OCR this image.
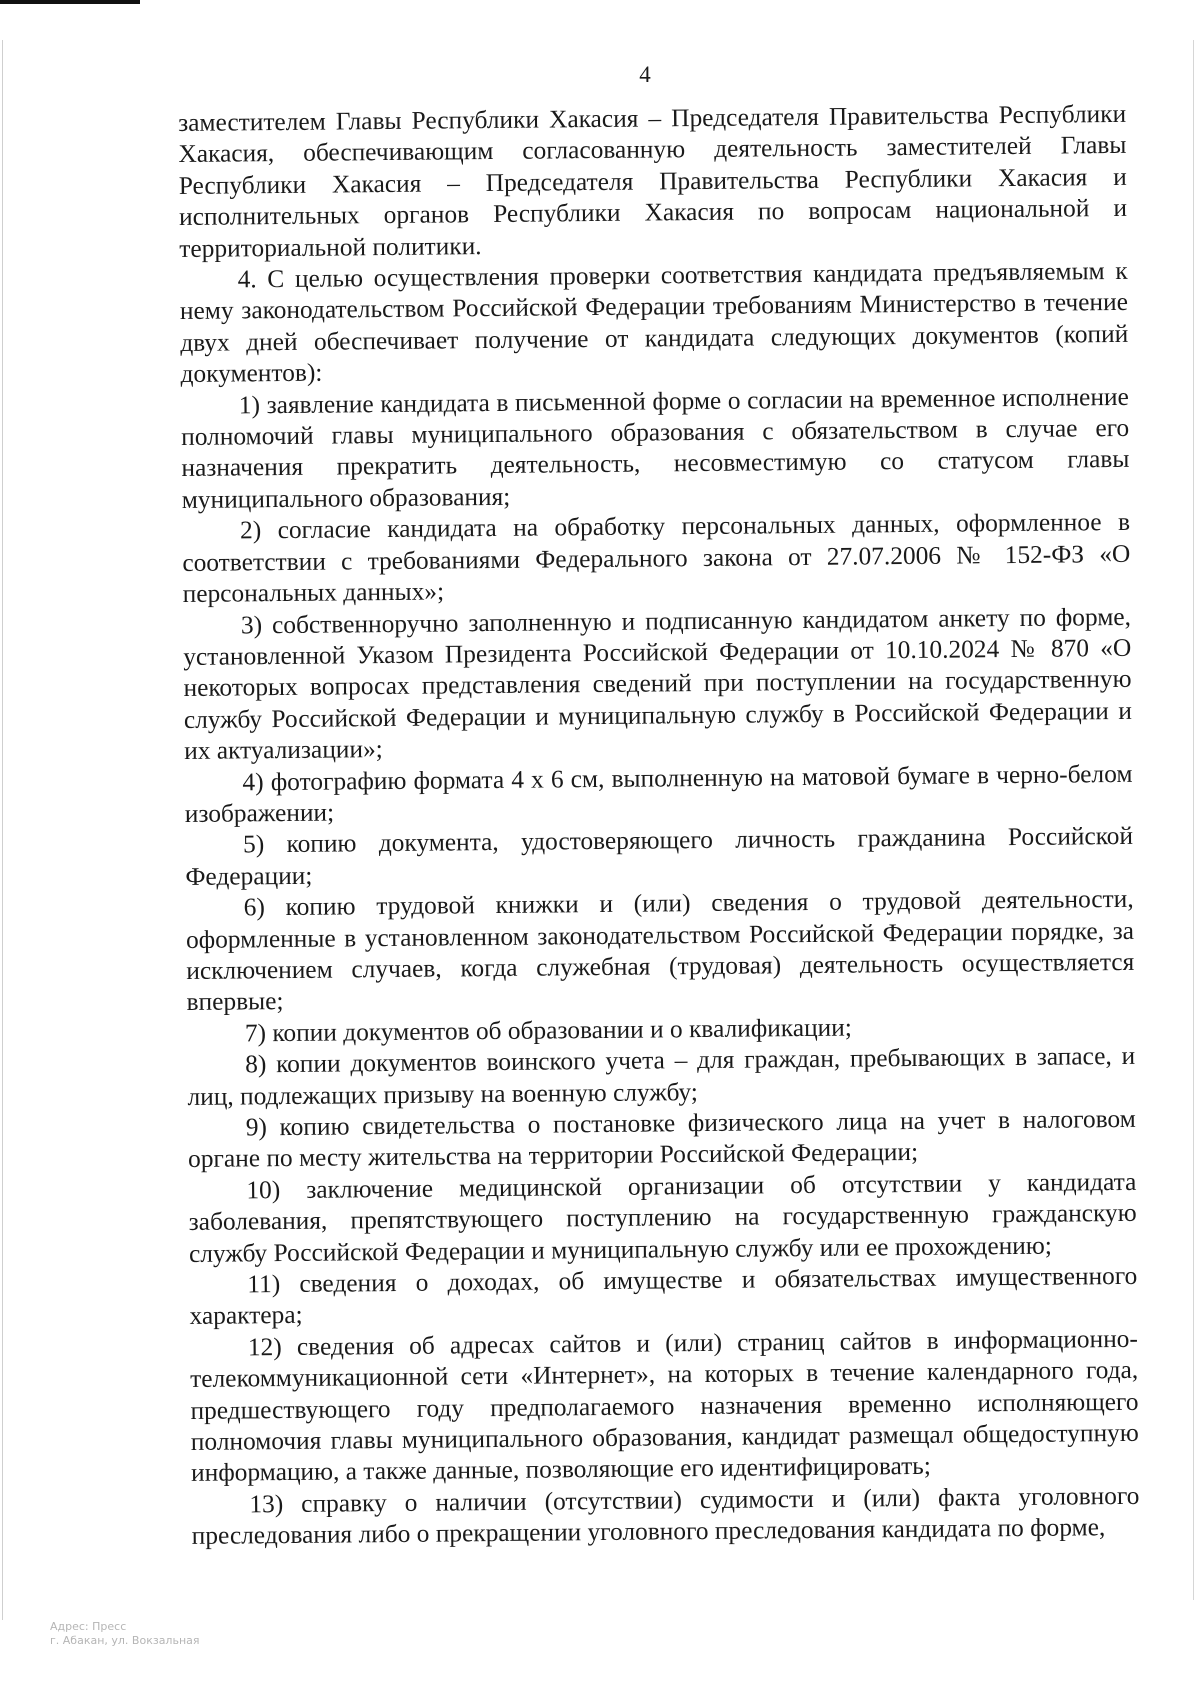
4

заместителем Главы Республики Хакасия – Председателя Правительства Республики Хакасия, обеспечивающим согласованную деятельность заместителей Главы Республики Хакасия – Председателя Правительства Республики Хакасия и исполнительных органов Республики Хакасия по вопросам национальной и территориальной политики.

4. С целью осуществления проверки соответствия кандидата предъявляемым к нему законодательством Российской Федерации требованиям Министерство в течение двух дней обеспечивает получение от кандидата следующих документов (копий документов):

1) заявление кандидата в письменной форме о согласии на временное исполнение полномочий главы муниципального образования с обязательством в случае его назначения прекратить деятельность, несовместимую со статусом главы муниципального образования;

2) согласие кандидата на обработку персональных данных, оформленное в соответствии с требованиями Федерального закона от 27.07.2006 № 152-ФЗ «О персональных данных»;

3) собственноручно заполненную и подписанную кандидатом анкету по форме, установленной Указом Президента Российской Федерации от 10.10.2024 № 870 «О некоторых вопросах представления сведений при поступлении на государственную службу Российской Федерации и муниципальную службу в Российской Федерации и их актуализации»;

4) фотографию формата 4 х 6 см, выполненную на матовой бумаге в черно-белом изображении;

5) копию документа, удостоверяющего личность гражданина Российской Федерации;

6) копию трудовой книжки и (или) сведения о трудовой деятельности, оформленные в установленном законодательством Российской Федерации порядке, за исключением случаев, когда служебная (трудовая) деятельность осуществляется впервые;

7) копии документов об образовании и о квалификации;

8) копии документов воинского учета – для граждан, пребывающих в запасе, и лиц, подлежащих призыву на военную службу;

9) копию свидетельства о постановке физического лица на учет в налоговом органе по месту жительства на территории Российской Федерации;

10) заключение медицинской организации об отсутствии у кандидата заболевания, препятствующего поступлению на государственную гражданскую службу Российской Федерации и муниципальную службу или ее прохождению;

11) сведения о доходах, об имуществе и обязательствах имущественного характера;

12) сведения об адресах сайтов и (или) страниц сайтов в информационно-телекоммуникационной сети «Интернет», на которых в течение календарного года, предшествующего году предполагаемого назначения временно исполняющего полномочия главы муниципального образования, кандидат размещал общедоступную информацию, а также данные, позволяющие его идентифицировать;

13) справку о наличии (отсутствии) судимости и (или) факта уголовного преследования либо о прекращении уголовного преследования кандидата по форме,

Адрес: Пресс
г. Абакан, ул. Вокзальная
